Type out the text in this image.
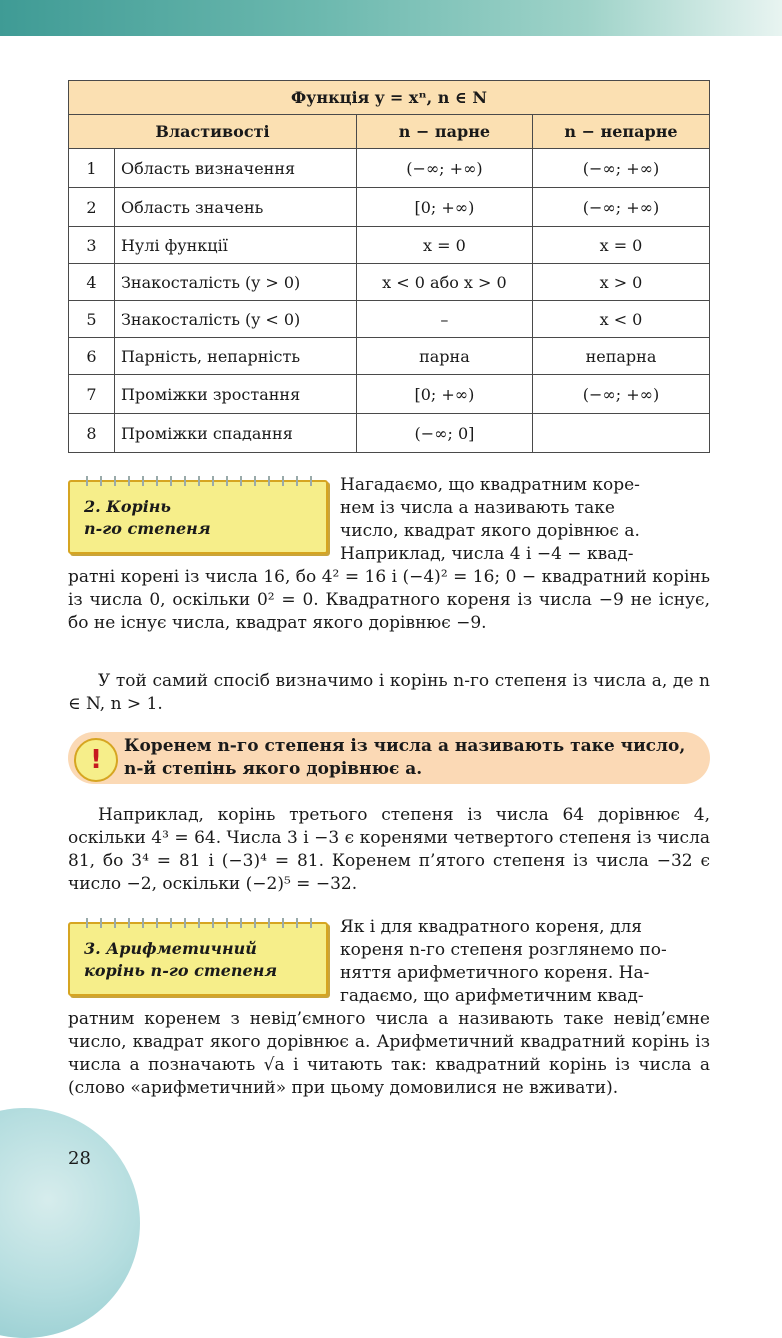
Функція y = xⁿ, n ∈ N			
Властивості		n − парне	n − непарне
1	Область визначення	(−∞; +∞)	(−∞; +∞)
2	Область значень	[0; +∞)	(−∞; +∞)
3	Нулі функції	x = 0	x = 0
4	Знакосталість (y > 0)	x < 0 або x > 0	x > 0
5	Знакосталість (y < 0)	–	x < 0
6	Парність, непарність	парна	непарна
7	Проміжки зростання	[0; +∞)	(−∞; +∞)
8	Проміжки спадання	(−∞; 0]	
2. Корінь
n-го степеня
Нагадаємо, що квадратним коре-
нем із числа a називають таке
число, квадрат якого дорівнює a.
Наприклад, числа 4 і −4 − квад-
ратні корені із числа 16, бо 4² = 16 і (−4)² = 16; 0 − квадратний корінь із числа 0, оскільки 0² = 0. Квадратного кореня із числа −9 не існує, бо не існує числа, квадрат якого дорівнює −9.
У той самий спосіб визначимо і корінь n-го степеня із числа a, де n ∈ N, n > 1.
!	Коренем n-го степеня із числа a називають таке число, n-й степінь якого дорівнює a.
Наприклад, корінь третього степеня із числа 64 дорівнює 4, оскільки 4³ = 64. Числа 3 і −3 є коренями четвертого степеня із числа 81, бо 3⁴ = 81 і (−3)⁴ = 81. Коренем п’ятого степеня із числа −32 є число −2, оскільки (−2)⁵ = −32.
3. Арифметичний
корінь n-го степеня
Як і для квадратного кореня, для
кореня n-го степеня розглянемо по-
няття арифметичного кореня. На-
гадаємо, що арифметичним квад-
ратним коренем з невід’ємного числа a називають таке невід’ємне число, квадрат якого дорівнює a. Арифметичний квадратний корінь із числа a позначають √a і читають так: квадратний корінь із числа a (слово «арифметичний» при цьому домовилися не вживати).
28
